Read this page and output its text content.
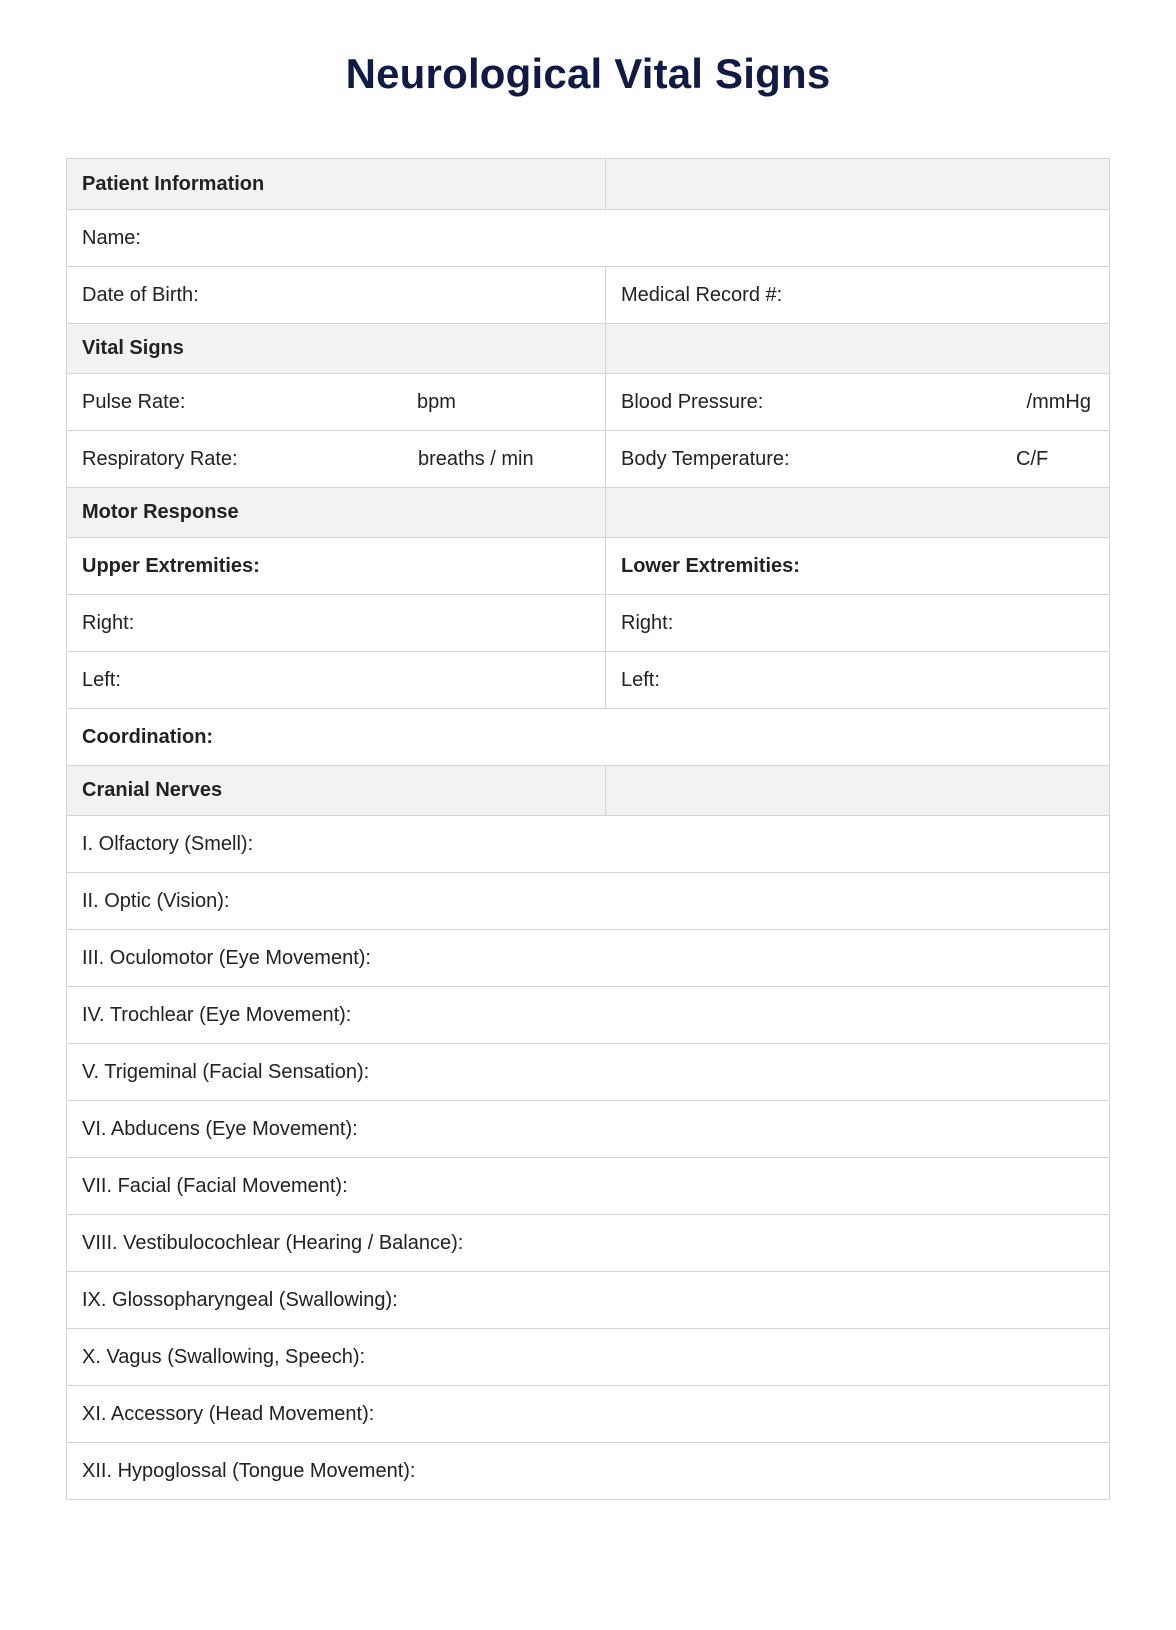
Neurological Vital Signs
Patient Information
Name:
Date of Birth:	Medical Record #:
Vital Signs
Pulse Rate:	bpm	Blood Pressure:	/mmHg
Respiratory Rate:	breaths / min	Body Temperature:	C/F
Motor Response
Upper Extremities:	Lower Extremities:
Right:	Right:
Left:	Left:
Coordination:
Cranial Nerves
I. Olfactory (Smell):
II. Optic (Vision):
III. Oculomotor (Eye Movement):
IV. Trochlear (Eye Movement):
V. Trigeminal (Facial Sensation):
VI. Abducens (Eye Movement):
VII. Facial (Facial Movement):
VIII. Vestibulocochlear (Hearing / Balance):
IX. Glossopharyngeal (Swallowing):
X. Vagus (Swallowing, Speech):
XI. Accessory (Head Movement):
XII. Hypoglossal (Tongue Movement):
